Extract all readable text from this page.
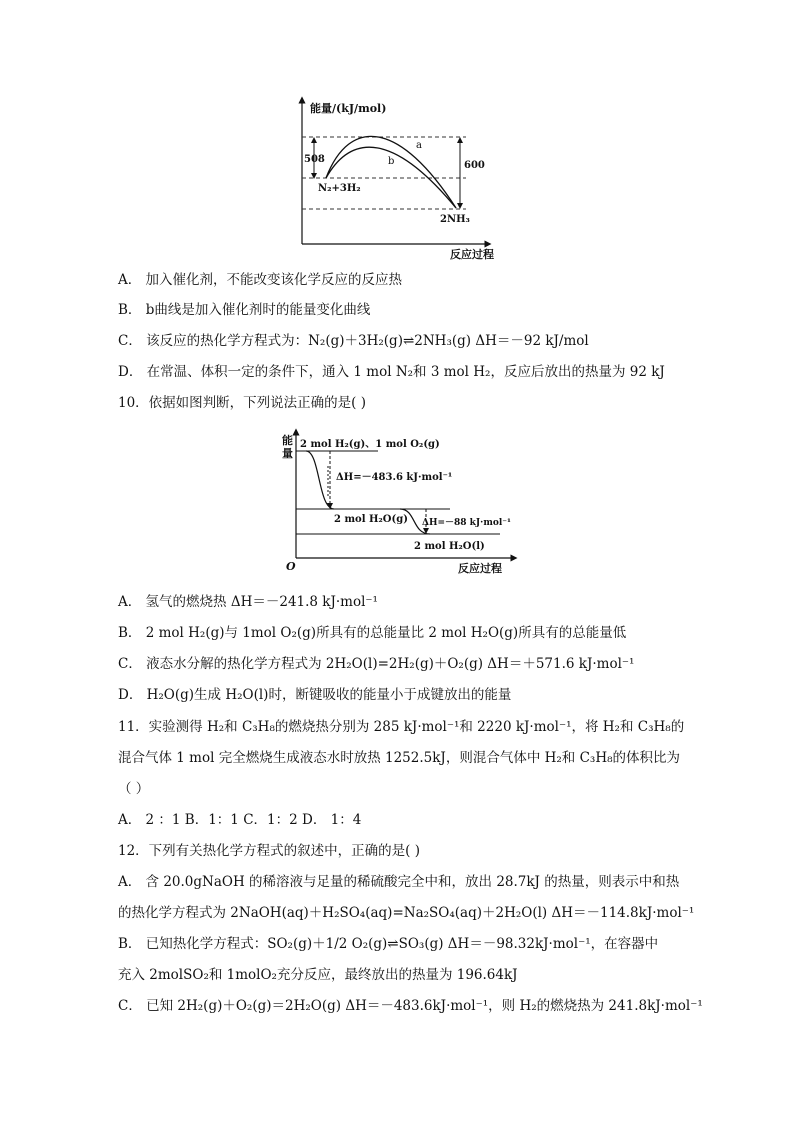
能量/(kJ/mol)
反应过程
508
600
a
b
N₂+3H₂
2NH₃
A． 加入催化剂，不能改变该化学反应的反应热
B． b曲线是加入催化剂时的能量变化曲线
C． 该反应的热化学方程式为：N₂(g)＋3H₂(g)⇌2NH₃(g) ΔH＝－92 kJ/mol
D． 在常温、体积一定的条件下，通入 1 mol N₂和 3 mol H₂，反应后放出的热量为 92 kJ
10．依据如图判断，下列说法正确的是( )
能
量
O	反应过程
2 mol H₂(g)、1 mol O₂(g)
ΔH=－483.6 kJ·mol⁻¹
2 mol H₂O(g) ΔH=－88 kJ·mol⁻¹
2 mol H₂O(l)
A． 氢气的燃烧热 ΔH＝－241.8 kJ·mol⁻¹
B． 2 mol H₂(g)与 1mol O₂(g)所具有的总能量比 2 mol H₂O(g)所具有的总能量低
C． 液态水分解的热化学方程式为 2H₂O(l)=2H₂(g)＋O₂(g) ΔH＝＋571.6 kJ·mol⁻¹
D． H₂O(g)生成 H₂O(l)时，断键吸收的能量小于成键放出的能量
11．实验测得 H₂和 C₃H₈的燃烧热分别为 285 kJ·mol⁻¹和 2220 kJ·mol⁻¹，将 H₂和 C₃H₈的
混合气体 1 mol 完全燃烧生成液态水时放热 1252.5kJ，则混合气体中 H₂和 C₃H₈的体积比为
（ ）
A． 2 ：1 B．1：1 C．1：2 D． 1：4
12．下列有关热化学方程式的叙述中，正确的是( )
A． 含 20.0gNaOH 的稀溶液与足量的稀硫酸完全中和，放出 28.7kJ 的热量，则表示中和热
的热化学方程式为 2NaOH(aq)＋H₂SO₄(aq)=Na₂SO₄(aq)＋2H₂O(l) ΔH＝－114.8kJ·mol⁻¹
B． 已知热化学方程式：SO₂(g)＋1/2 O₂(g)⇌SO₃(g) ΔH＝－98.32kJ·mol⁻¹，在容器中
充入 2molSO₂和 1molO₂充分反应，最终放出的热量为 196.64kJ
C． 已知 2H₂(g)＋O₂(g)＝2H₂O(g) ΔH＝－483.6kJ·mol⁻¹，则 H₂的燃烧热为 241.8kJ·mol⁻¹
